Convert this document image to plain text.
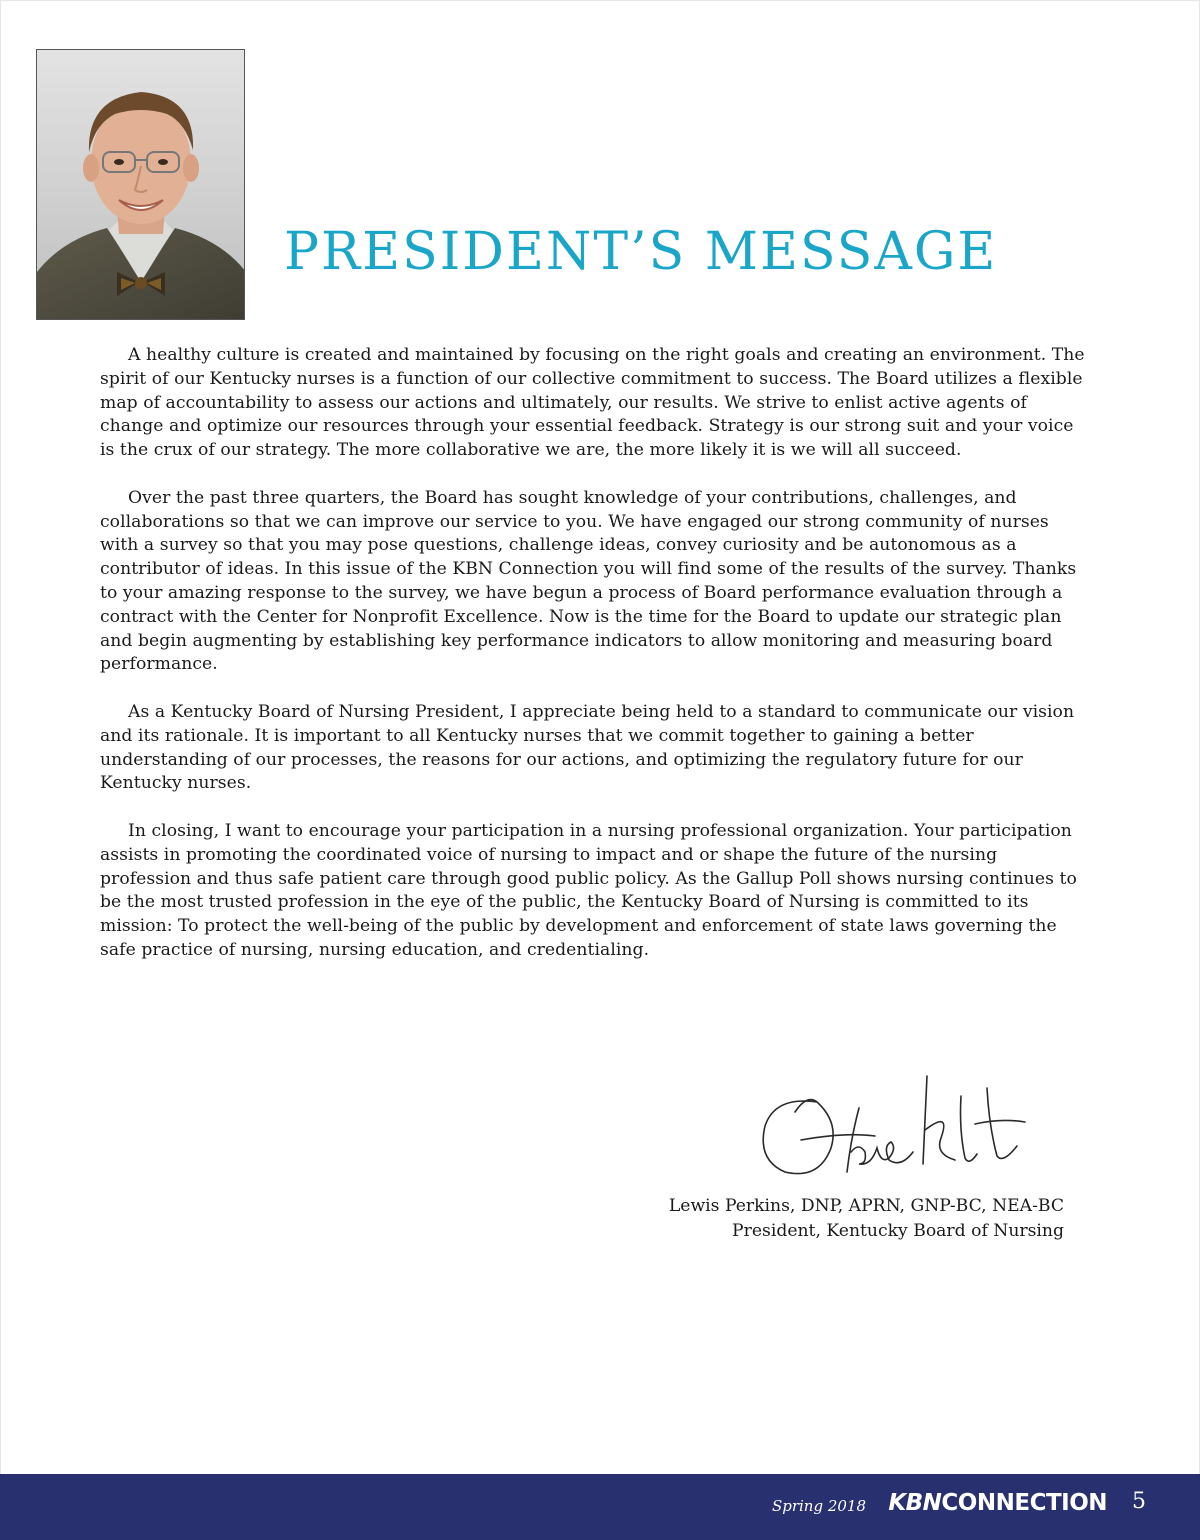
PRESIDENT’S MESSAGE

A healthy culture is created and maintained by focusing on the right goals and creating an environment. The spirit of our Kentucky nurses is a function of our collective commitment to success. The Board utilizes a flexible map of accountability to assess our actions and ultimately, our results. We strive to enlist active agents of change and optimize our resources through your essential feedback. Strategy is our strong suit and your voice is the crux of our strategy. The more collaborative we are, the more likely it is we will all succeed.

Over the past three quarters, the Board has sought knowledge of your contributions, challenges, and collaborations so that we can improve our service to you. We have engaged our strong community of nurses with a survey so that you may pose questions, challenge ideas, convey curiosity and be autonomous as a contributor of ideas. In this issue of the KBN Connection you will find some of the results of the survey. Thanks to your amazing response to the survey, we have begun a process of Board performance evaluation through a contract with the Center for Nonprofit Excellence. Now is the time for the Board to update our strategic plan and begin augmenting by establishing key performance indicators to allow monitoring and measuring board performance.

As a Kentucky Board of Nursing President, I appreciate being held to a standard to communicate our vision and its rationale. It is important to all Kentucky nurses that we commit together to gaining a better understanding of our processes, the reasons for our actions, and optimizing the regulatory future for our Kentucky nurses.

In closing, I want to encourage your participation in a nursing professional organization. Your participation assists in promoting the coordinated voice of nursing to impact and or shape the future of the nursing profession and thus safe patient care through good public policy. As the Gallup Poll shows nursing continues to be the most trusted profession in the eye of the public, the Kentucky Board of Nursing is committed to its mission: To protect the well-being of the public by development and enforcement of state laws governing the safe practice of nursing, nursing education, and credentialing.

Lewis Perkins, DNP, APRN, GNP-BC, NEA-BC
President, Kentucky Board of Nursing
Spring 2018 KBNCONNECTION 5
